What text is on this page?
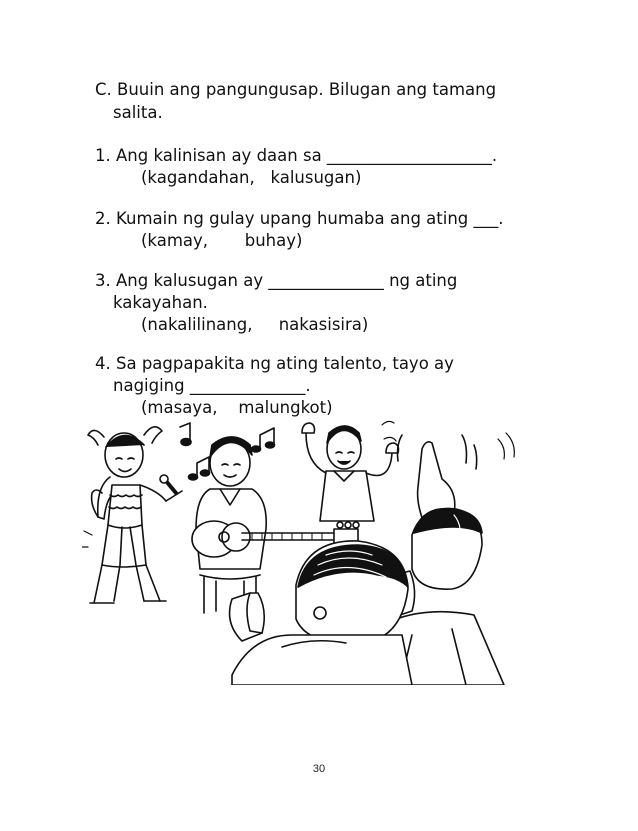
C. Buuin ang pangungusap. Bilugan ang tamang
salita.
1. Ang kalinisan ay daan sa ____________________.
(kagandahan,   kalusugan)
2. Kumain ng gulay upang humaba ang ating ___.
(kamay,       buhay)
3. Ang kalusugan ay ______________ ng ating
kakayahan.
(nakalilinang,     nakasisira)
4. Sa pagpapakita ng ating talento, tayo ay
nagiging ______________.
(masaya,    malungkot)
30
